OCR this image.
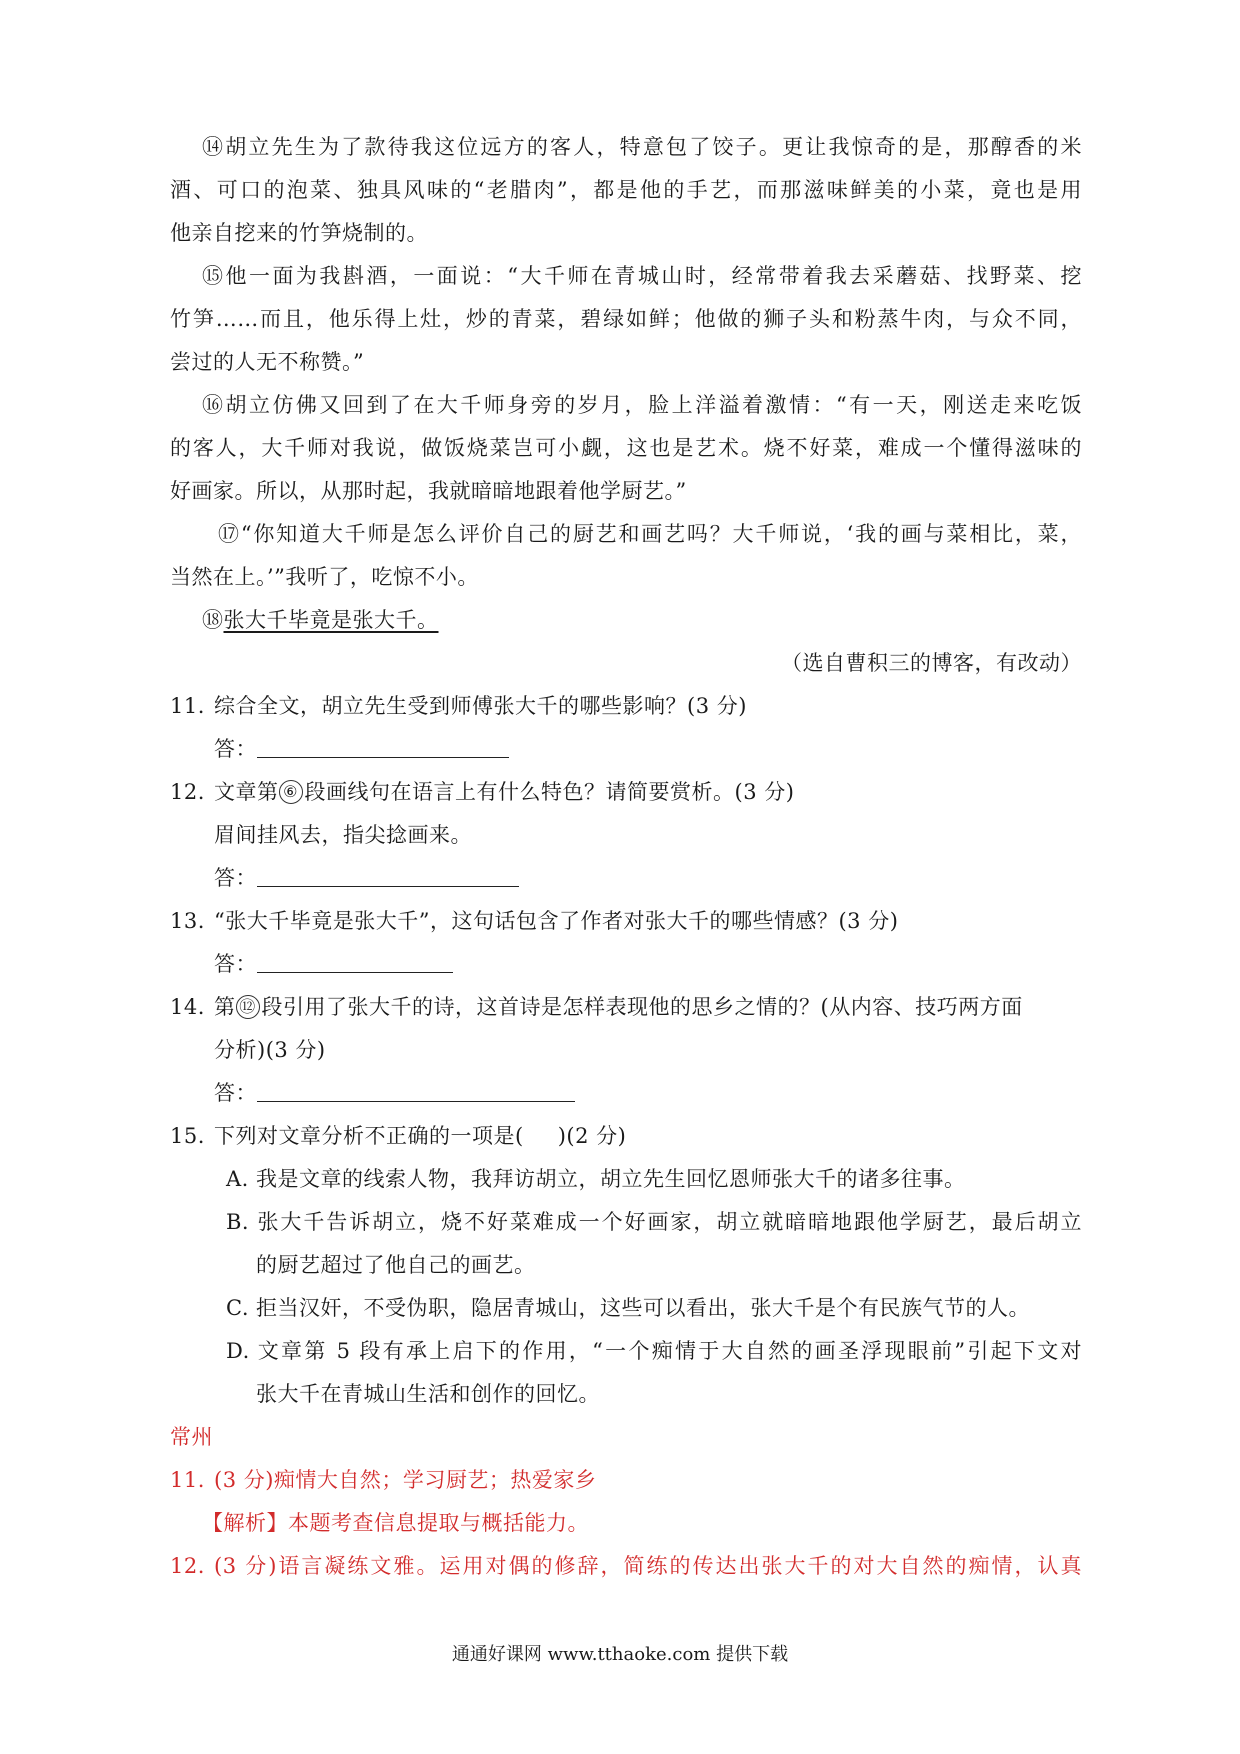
⑭胡立先生为了款待我这位远方的客人，特意包了饺子。更让我惊奇的是，那醇香的米
酒、可口的泡菜、独具风味的“老腊肉”，都是他的手艺，而那滋味鲜美的小菜，竟也是用
他亲自挖来的竹笋烧制的。
⑮他一面为我斟酒，一面说：“大千师在青城山时，经常带着我去采蘑菇、找野菜、挖
竹笋……而且，他乐得上灶，炒的青菜，碧绿如鲜；他做的狮子头和粉蒸牛肉，与众不同，
尝过的人无不称赞。”
⑯胡立仿佛又回到了在大千师身旁的岁月，脸上洋溢着激情：“有一天，刚送走来吃饭
的客人，大千师对我说，做饭烧菜岂可小觑，这也是艺术。烧不好菜，难成一个懂得滋味的
好画家。所以，从那时起，我就暗暗地跟着他学厨艺。”
⑰“你知道大千师是怎么评价自己的厨艺和画艺吗？大千师说，‘我的画与菜相比，菜，
当然在上。’”我听了，吃惊不小。
⑱张大千毕竟是张大千。
（选自曹积三的博客，有改动）
11. 综合全文，胡立先生受到师傅张大千的哪些影响？(3 分)
答：
12. 文章第 ⑥ 段画线句在语言上有什么特色？请简要赏析。(3 分)
眉间挂风去，指尖捻画来。
答：
13. “张大千毕竟是张大千”，这句话包含了作者对张大千的哪些情感？(3 分)
答：
14. 第 ⑫ 段引用了张大千的诗，这首诗是怎样表现他的思乡之情的？(从内容、技巧两方面
分析)(3 分)
答：
15. 下列对文章分析不正确的一项是( )(2 分)
A. 我是文章的线索人物，我拜访胡立，胡立先生回忆恩师张大千的诸多往事。
B. 张大千告诉胡立，烧不好菜难成一个好画家，胡立就暗暗地跟他学厨艺，最后胡立
的厨艺超过了他自己的画艺。
C. 拒当汉奸，不受伪职，隐居青城山，这些可以看出，张大千是个有民族气节的人。
D. 文章第 5 段有承上启下的作用，“一个痴情于大自然的画圣浮现眼前”引起下文对
张大千在青城山生活和创作的回忆。
常州
11. (3 分)痴情大自然；学习厨艺；热爱家乡
【解析】本题考查信息提取与概括能力。
12. (3 分)语言凝练文雅。运用对偶的修辞，简练的传达出张大千的对大自然的痴情，认真
通通好课网 www.tthaoke.com 提供下载
